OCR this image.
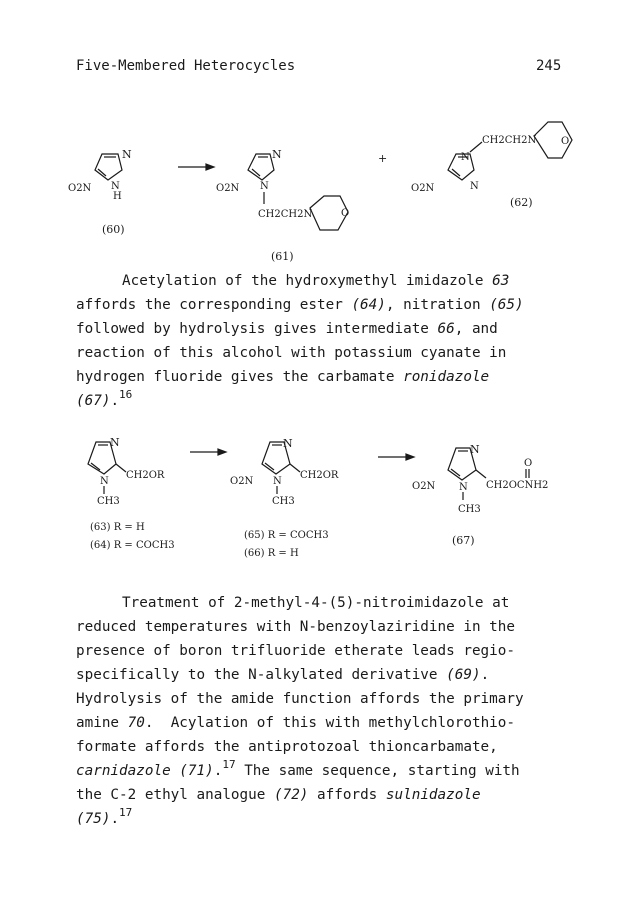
Five-Membered Heterocycles	245
N
N
H
O2N
(60)
N
N
O2N
CH2CH2N	O
(61)
+	N
N
O2N
CH2CH2N O
(62)
Acetylation of the hydroxymethyl imidazole 63
affords the corresponding ester (64), nitration (65)
followed by hydrolysis gives intermediate 66, and
reaction of this alcohol with potassium cyanate in
hydrogen fluoride gives the carbamate ronidazole
(67).$^{16}$
N
N
CH2OR
CH3
(63) R = H
(64) R = COCH3
N
N
O2N
CH2OR
CH3
(65) R = COCH3
(66) R = H
N
N
O2N	CH2OCNH2
O
CH3
(67)
Treatment of 2-methyl-4-(5)-nitroimidazole at
reduced temperatures with N-benzoylaziridine in the
presence of boron trifluoride etherate leads regio-
specifically to the N-alkylated derivative (69).
Hydrolysis of the amide function affords the primary
amine 70.  Acylation of this with methylchlorothio-
formate affords the antiprotozoal thioncarbamate,
carnidazole (71).$^{17}$ The same sequence, starting with
the C-2 ethyl analogue (72) affords sulnidazole
(75).$^{17}$
